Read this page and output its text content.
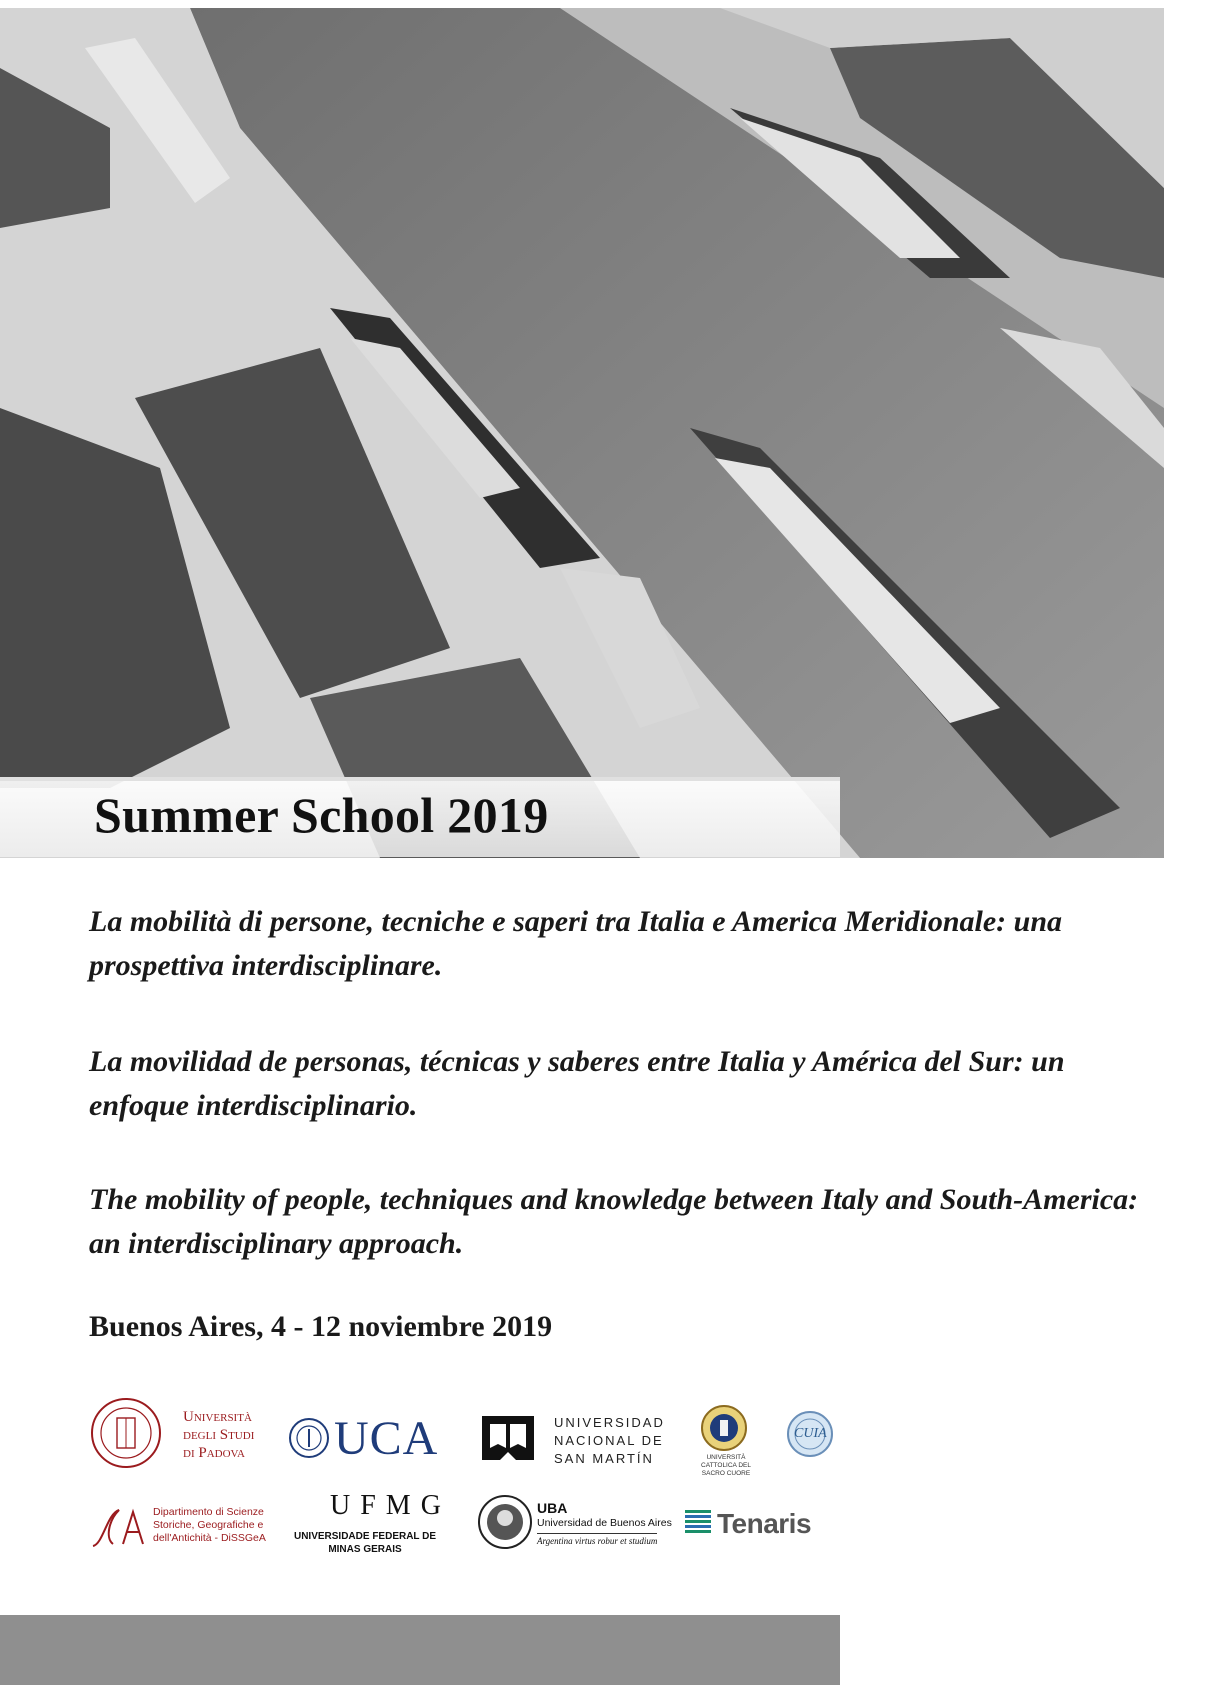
Summer School 2019
La mobilità di persone, tecniche e saperi tra Italia e America Meridionale: una prospettiva interdisciplinare.
La movilidad de personas, técnicas y saberes entre Italia y América del Sur: un enfoque interdisciplinario.
The mobility of people, techniques and knowledge between Italy and South-America: an interdisciplinary approach.
Buenos Aires, 4 - 12 noviembre 2019
Università degli Studi di Padova	UCA	UNIVERSIDAD NACIONAL DE SAN MARTÍN	UNIVERSITÀ CATTOLICA DEL SACRO CUORE
CUIA
Dipartimento di Scienze Storiche, Geografiche e dell'Antichità - DiSSGeA
UFMG
UNIVERSIDADE FEDERAL DE MINAS GERAIS
UBA
Universidad de Buenos Aires
Argentina virtus robur et studium
Tenaris
